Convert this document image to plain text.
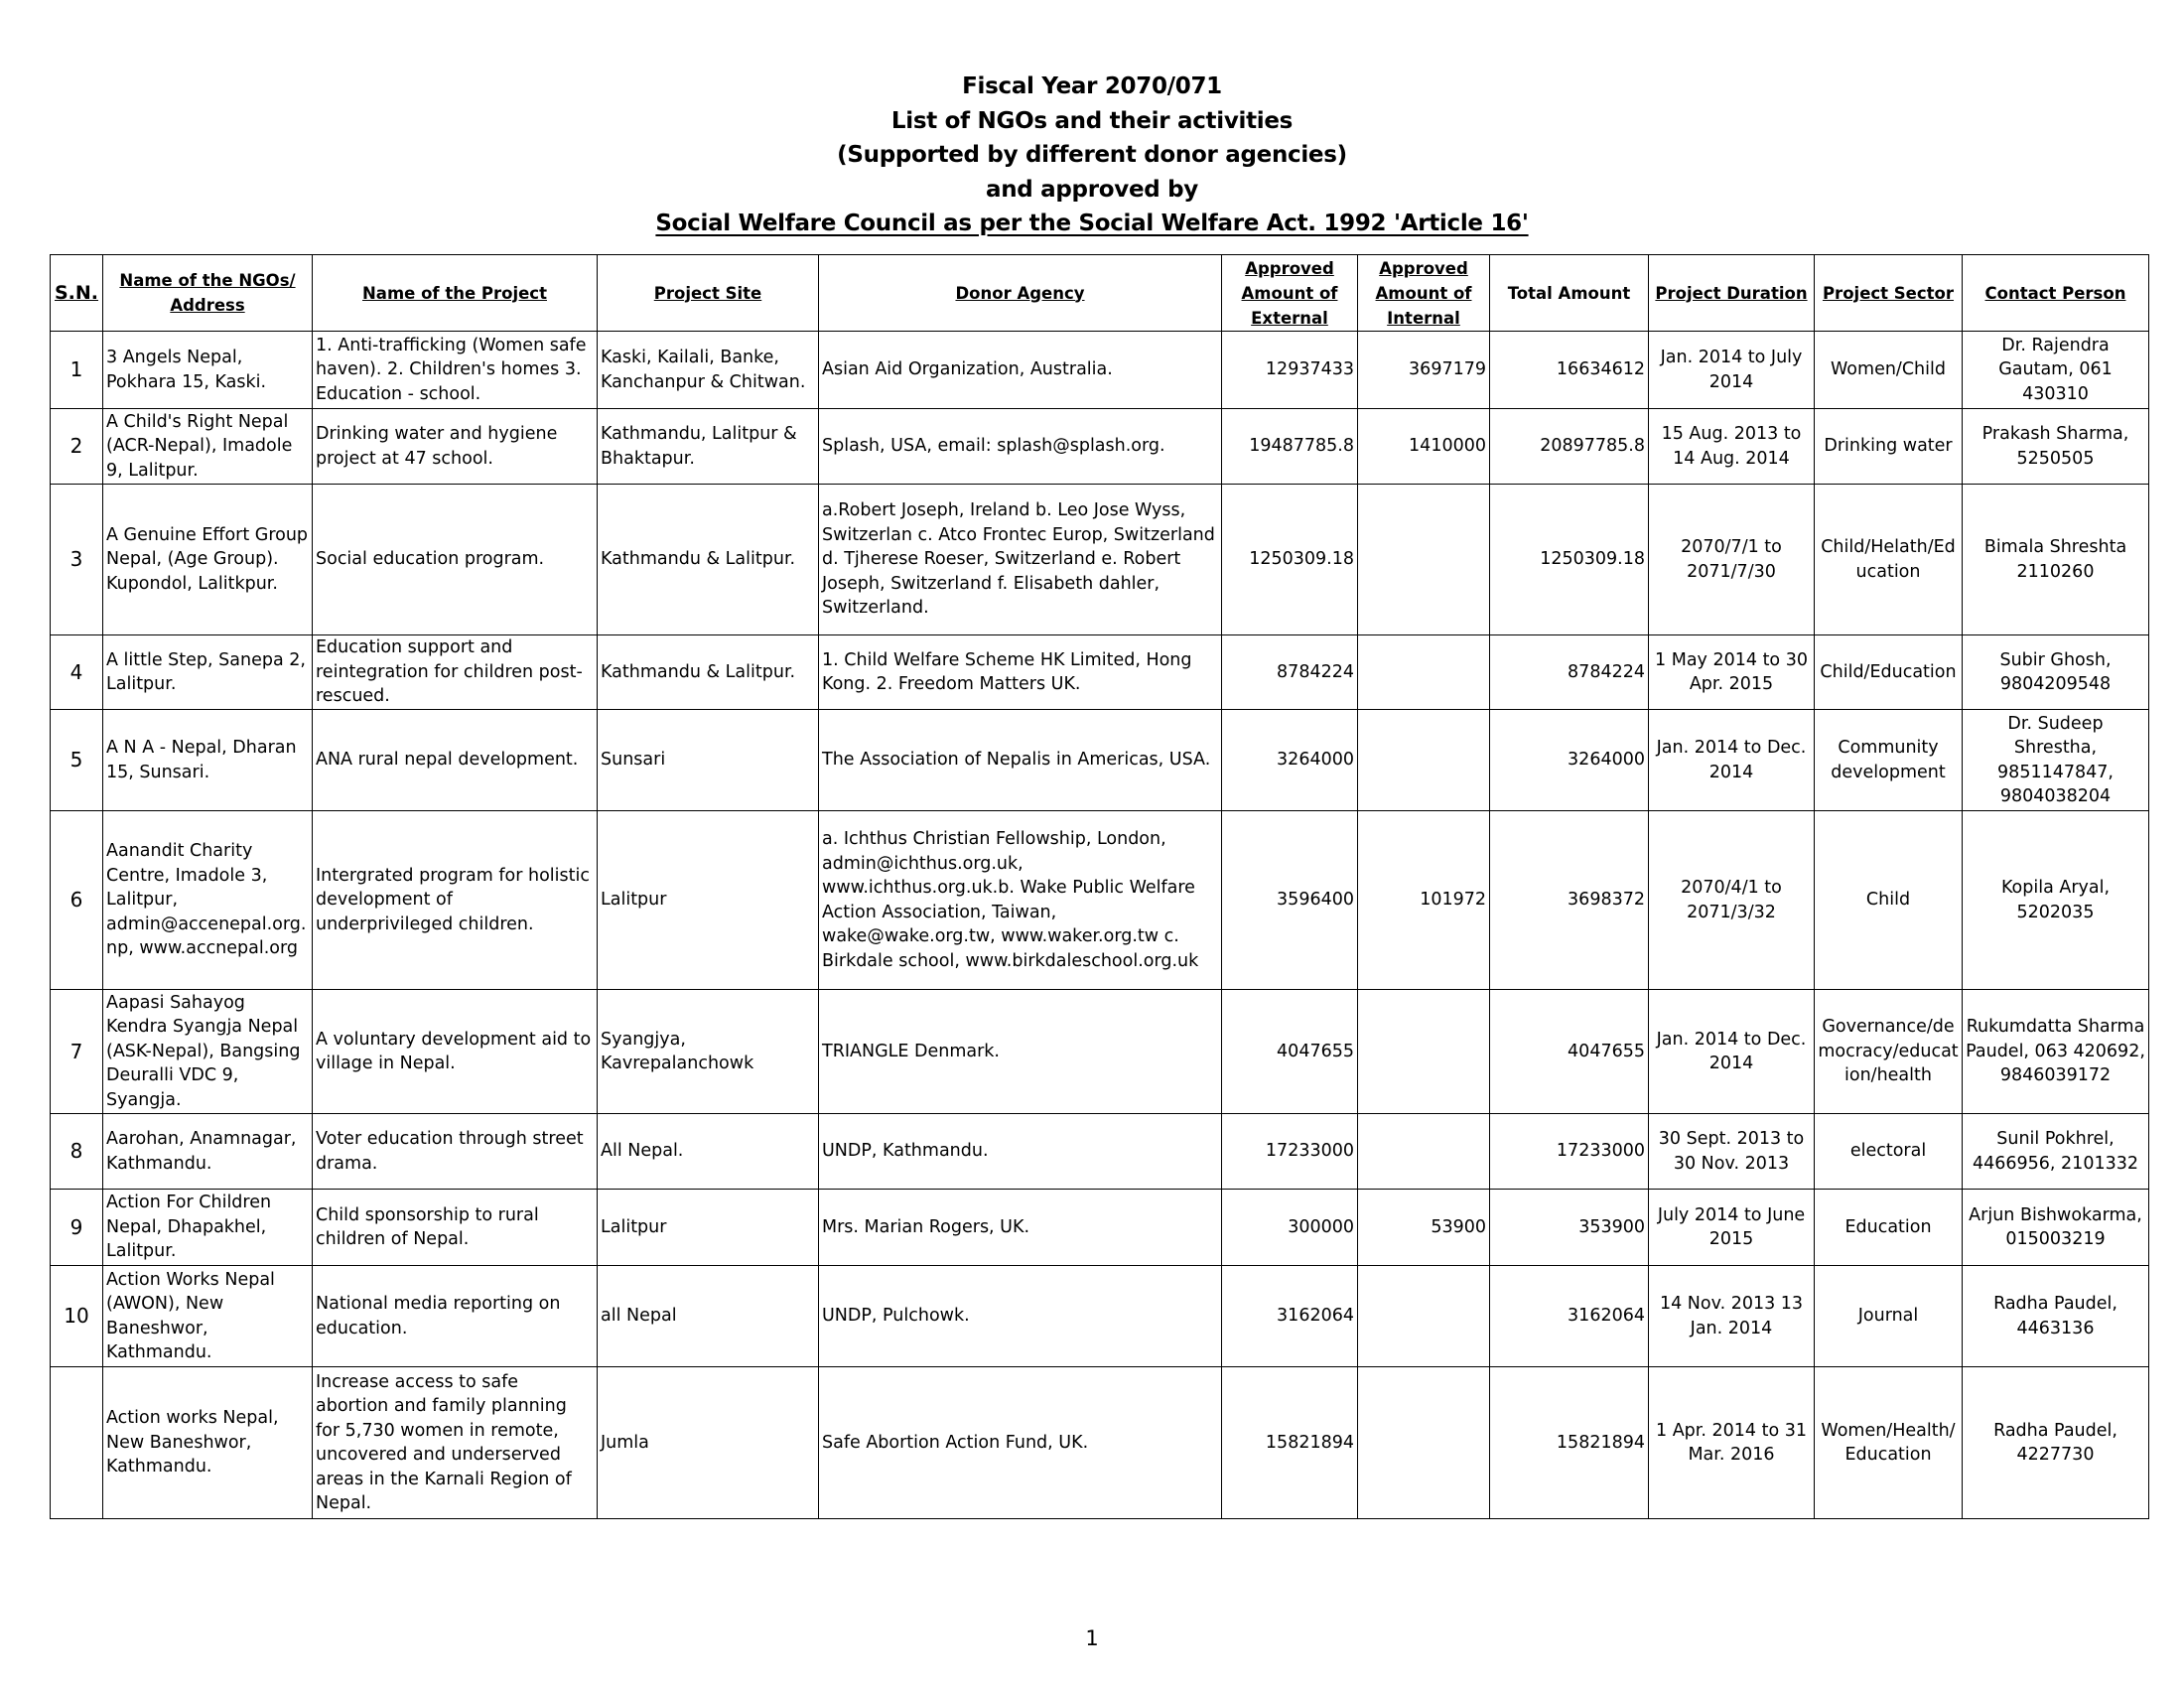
Fiscal Year 2070/071
List of NGOs and their activities
(Supported by different donor agencies)
and approved by
Social Welfare Council as per the Social Welfare Act. 1992 'Article 16'
S.N.	Name of the NGOs/ Address	Name of the Project	Project Site	Donor Agency	Approved Amount of External	Approved Amount of Internal	Total Amount	Project Duration	Project Sector	Contact Person
1	3 Angels Nepal, Pokhara 15, Kaski.	1. Anti-trafficking (Women safe haven). 2. Children's homes 3. Education - school.	Kaski, Kailali, Banke, Kanchanpur & Chitwan.	Asian Aid Organization, Australia.	12937433	3697179	16634612	Jan. 2014 to July 2014	Women/Child	Dr. Rajendra Gautam, 061 430310
2	A Child's Right Nepal (ACR-Nepal), Imadole 9, Lalitpur.	Drinking water and hygiene project at 47 school.	Kathmandu, Lalitpur & Bhaktapur.	Splash, USA, email: splash@splash.org.	19487785.8	1410000	20897785.8	15 Aug. 2013 to 14 Aug. 2014	Drinking water	Prakash Sharma, 5250505
3	A Genuine Effort Group Nepal, (Age Group). Kupondol, Lalitkpur.	Social education program.	Kathmandu & Lalitpur.	a.Robert Joseph, Ireland b. Leo Jose Wyss, Switzerlan c. Atco Frontec Europ, Switzerland d. Tjherese Roeser, Switzerland e. Robert Joseph, Switzerland f. Elisabeth dahler, Switzerland.	1250309.18		1250309.18	2070/7/1 to 2071/7/30	Child/Helath/Education	Bimala Shreshta 2110260
4	A little Step, Sanepa 2, Lalitpur.	Education support and reintegration for children post-rescued.	Kathmandu & Lalitpur.	1. Child Welfare Scheme HK Limited, Hong Kong. 2. Freedom Matters UK.	8784224		8784224	1 May 2014 to 30 Apr. 2015	Child/Education	Subir Ghosh, 9804209548
5	A N A - Nepal, Dharan 15, Sunsari.	ANA rural nepal development.	Sunsari	The Association of Nepalis in Americas, USA.	3264000		3264000	Jan. 2014 to Dec. 2014	Community development	Dr. Sudeep Shrestha, 9851147847, 9804038204
6	Aanandit Charity Centre, Imadole 3, Lalitpur, admin@accenepal.org.np, www.accnepal.org	Intergrated program for holistic development of underprivileged children.	Lalitpur	a. Ichthus Christian Fellowship, London, admin@ichthus.org.uk, www.ichthus.org.uk.b. Wake Public Welfare Action Association, Taiwan, wake@wake.org.tw, www.waker.org.tw c. Birkdale school, www.birkdaleschool.org.uk	3596400	101972	3698372	2070/4/1 to 2071/3/32	Child	Kopila Aryal, 5202035
7	Aapasi Sahayog Kendra Syangja Nepal (ASK-Nepal), Bangsing Deuralli VDC 9, Syangja.	A voluntary development aid to village in Nepal.	Syangjya, Kavrepalanchowk	TRIANGLE Denmark.	4047655		4047655	Jan. 2014 to Dec. 2014	Governance/democracy/education/health	Rukumdatta Sharma Paudel, 063 420692, 9846039172
8	Aarohan, Anamnagar, Kathmandu.	Voter education through street drama.	All Nepal.	UNDP, Kathmandu.	17233000		17233000	30 Sept. 2013 to 30 Nov. 2013	electoral	Sunil Pokhrel, 4466956, 2101332
9	Action For Children Nepal, Dhapakhel, Lalitpur.	Child sponsorship to rural children of Nepal.	Lalitpur	Mrs. Marian Rogers, UK.	300000	53900	353900	July 2014 to June 2015	Education	Arjun Bishwokarma, 015003219
10	Action Works Nepal (AWON), New Baneshwor, Kathmandu.	National media reporting on education.	all Nepal	UNDP, Pulchowk.	3162064		3162064	14 Nov. 2013 13 Jan. 2014	Journal	Radha Paudel, 4463136
	Action works Nepal, New Baneshwor, Kathmandu.	Increase access to safe abortion and family planning for 5,730 women in remote, uncovered and underserved areas in the Karnali Region of Nepal.	Jumla	Safe Abortion Action Fund, UK.	15821894		15821894	1 Apr. 2014 to 31 Mar. 2016	Women/Health/ Education	Radha Paudel, 4227730
1
